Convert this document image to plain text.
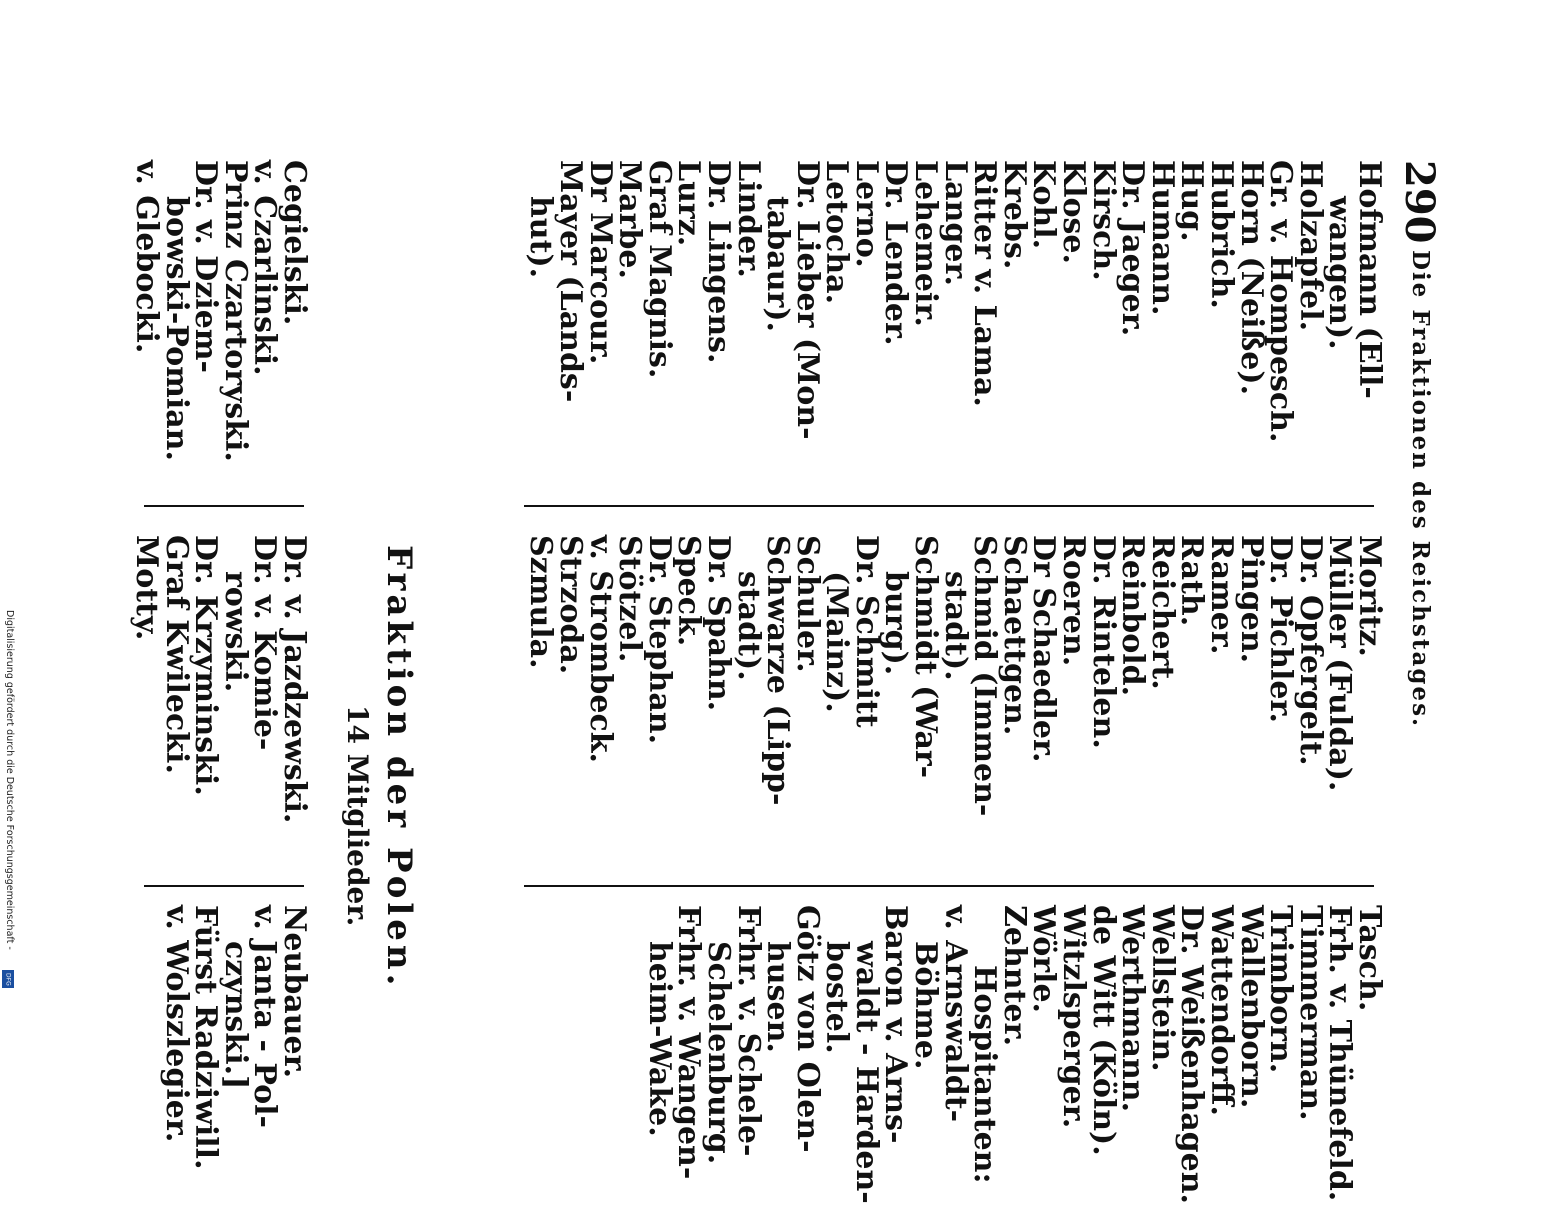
290
Die Fraktionen des Reichstages.
Hofmann (Ell-
wangen).
Holzapfel.
Gr. v. Hompesch.
Horn (Neiße).
Hubrich.
Hug.
Humann.
Dr. Jaeger.
Kirsch.
Klose.
Kohl.
Krebs.
Ritter v. Lama.
Langer.
Lehemeir.
Dr. Lender.
Lerno.
Letocha.
Dr. Lieber (Mon-
tabaur).
Linder.
Dr. Lingens.
Lurz.
Graf Magnis.
Marbe.
Dr Marcour.
Mayer (Lands-
hut).
Moritz.
Müller (Fulda).
Dr. Opfergelt.
Dr. Pichler.
Pingen.
Ramer.
Rath.
Reichert.
Reinbold.
Dr. Rintelen.
Roeren.
Dr Schaedler.
Schaettgen.
Schmid (Immen-
stadt).
Schmidt (War-
burg).
Dr. Schmitt
(Mainz).
Schuler.
Schwarze (Lipp-
stadt).
Dr. Spahn.
Speck.
Dr. Stephan.
Stötzel.
v. Strombeck.
Strzoda.
Szmula.
Tasch.
Frh. v. Thünefeld.
Timmerman.
Trimborn.
Wallenborn.
Wattendorff.
Dr. Weißenhagen.
Wellstein.
Werthmann.
de Witt (Köln).
Witzlsperger.
Wörle.
Zehnter.
Hospitanten:
v. Arnswaldt-
Böhme.
Baron v. Arns-
waldt - Harden-
bostel.
Götz von Olen-
husen.
Frhr. v. Schele-
Schelenburg.
Frhr. v. Wangen-
heim-Wake.
Fraktion der Polen.
14 Mitglieder.
Cegielski.
v. Czarlinski.
Prinz Czartoryski.
Dr. v. Dziem-
bowski-Pomian.
v. Glebocki.
Dr. v. Jazdzewski.
Dr. v. Komie-
rowski.
Dr. Krzyminski.
Graf Kwilecki.
Motty.
Neubauer.
v. Janta - Pol-
czynski.]
Fürst Radziwill.
v. Wolszlegier.
Digitalisierung gefördert durch die Deutsche Forschungsgemeinschaft -
DFG
